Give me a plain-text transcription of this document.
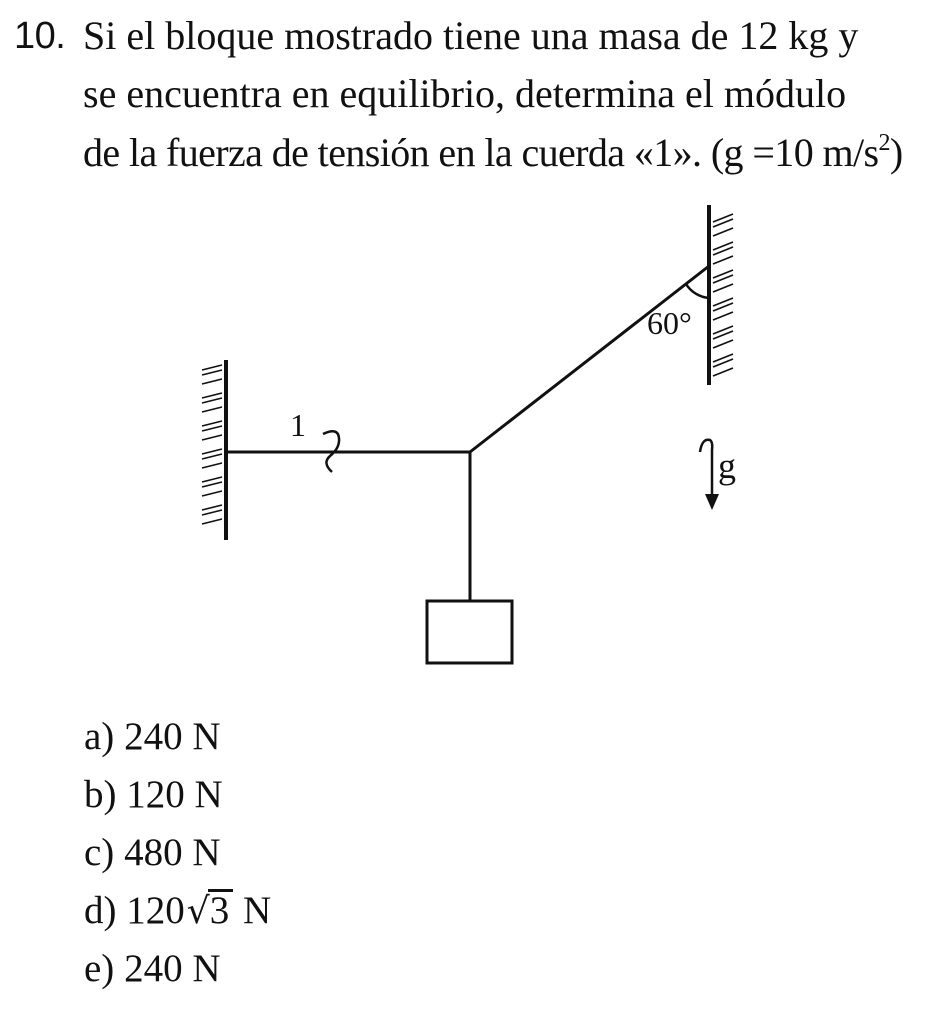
10. Si el bloque mostrado tiene una masa de 12 kg y
se encuentra en equilibrio, determina el módulo
de la fuerza de tensión en la cuerda «1». (g =10 $m/s^2$)
1
60°
g
a) 240 N
b) 120 N
c) 480 N
d) 120√3 N
e) 240 N
